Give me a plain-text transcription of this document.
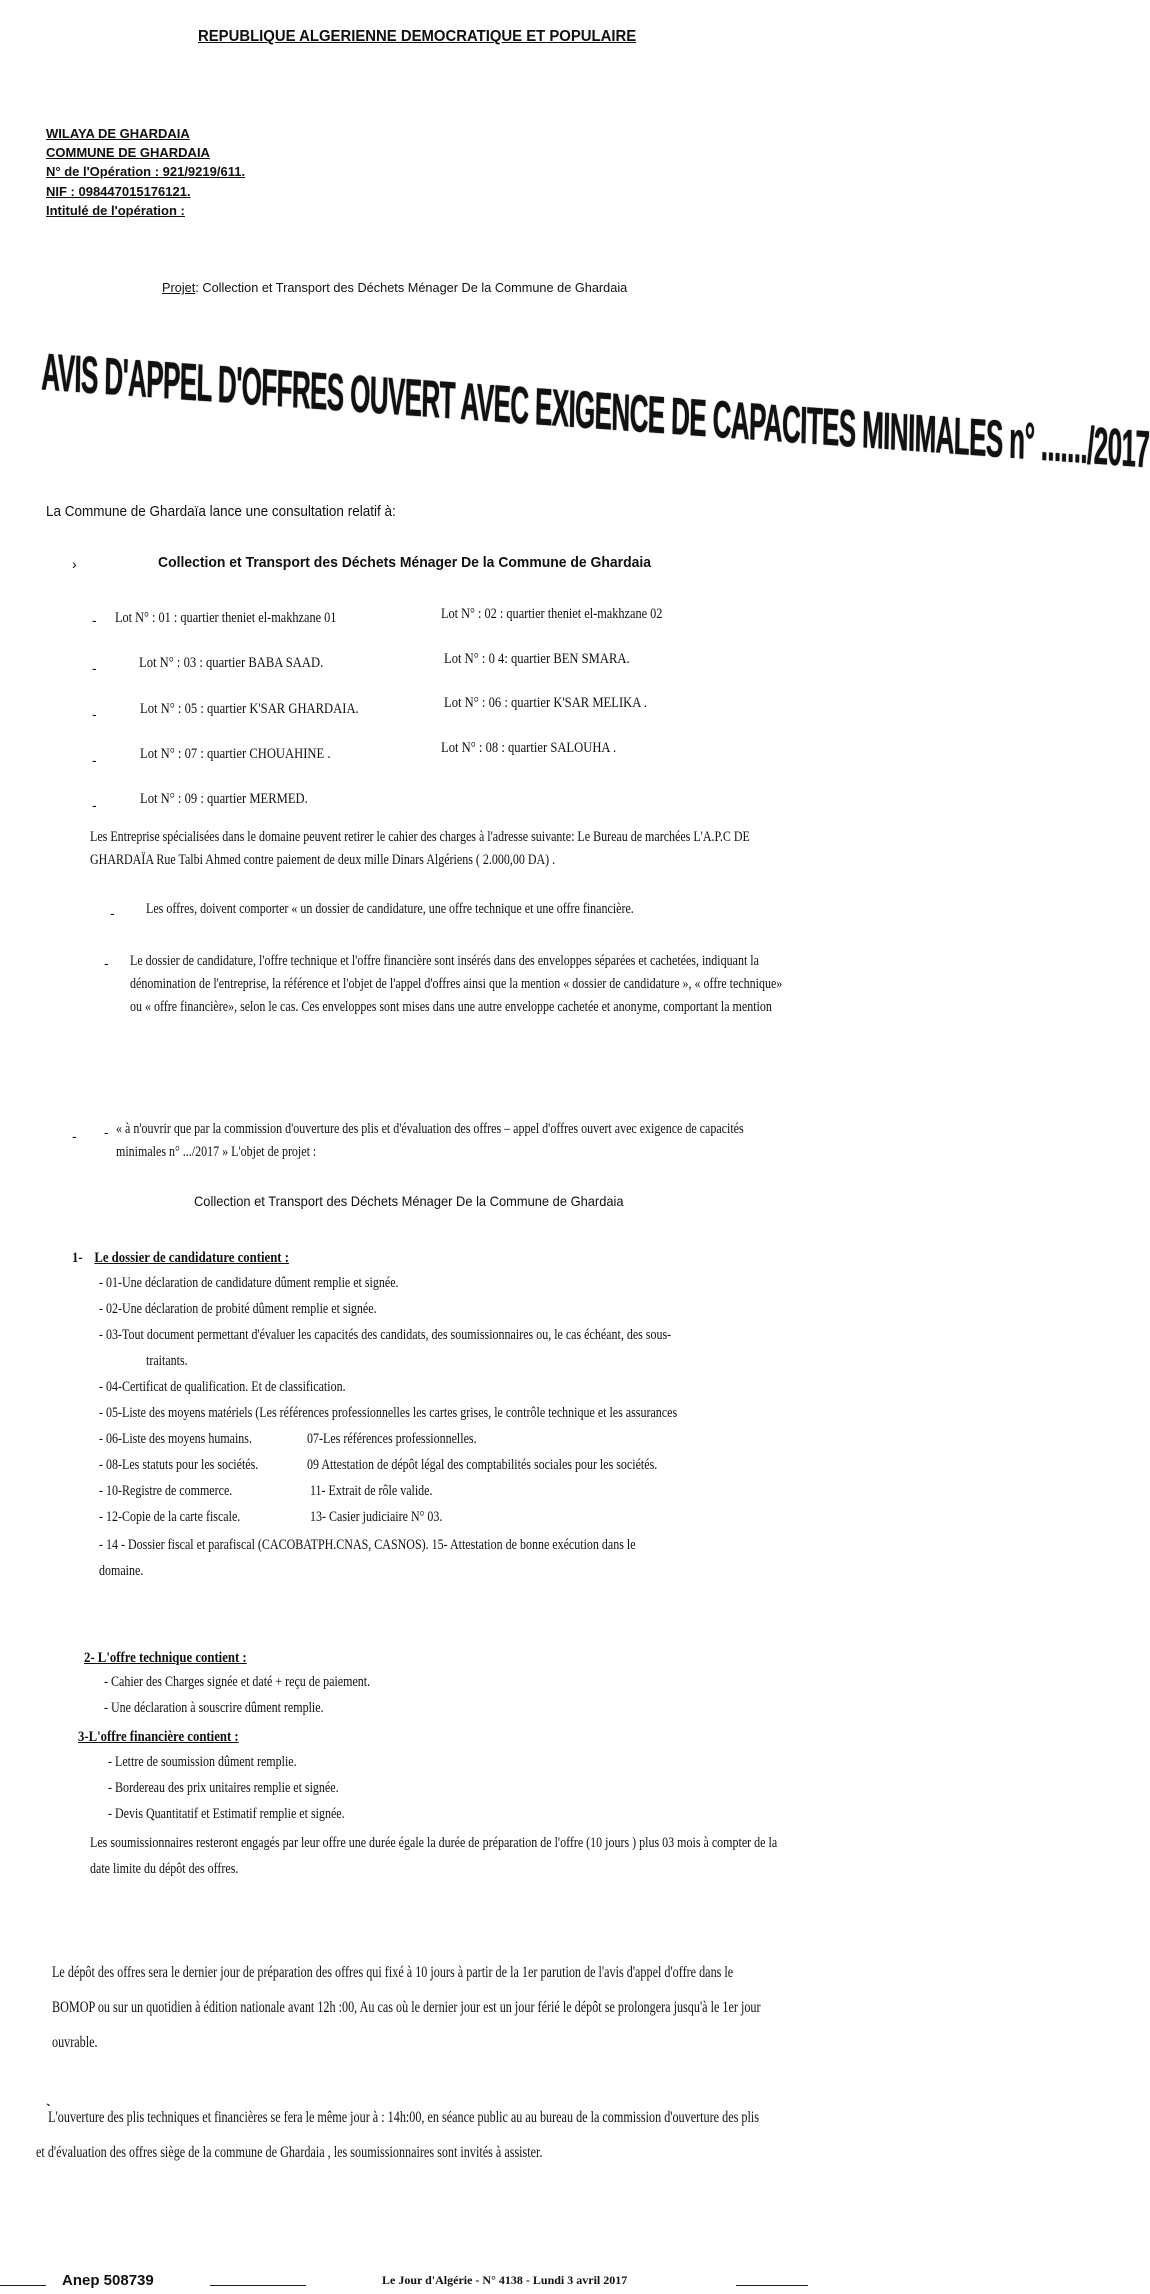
REPUBLIQUE ALGERIENNE DEMOCRATIQUE ET POPULAIRE
WILAYA DE GHARDAIA
COMMUNE DE GHARDAIA
N° de l'Opération : 921/9219/611.
NIF : 098447015176121.
Intitulé de l'opération :
Projet: Collection et Transport des Déchets Ménager De la Commune de Ghardaia
AVIS D'APPEL D'OFFRES OUVERT AVEC EXIGENCE DE CAPACITES MINIMALES n° ......./2017
La Commune de Ghardaïa lance une consultation relatif à:
›	Collection et Transport des Déchets Ménager De la Commune de Ghardaia
- Lot N° : 01 : quartier theniet el-makhzane 01	Lot N° : 02 : quartier theniet el-makhzane 02
-	Lot N° : 03 : quartier BABA SAAD.	Lot N° : 0 4: quartier BEN SMARA.
-	Lot N° : 05 : quartier K'SAR GHARDAIA.	Lot N° : 06 : quartier K'SAR MELIKA .
-	Lot N° : 07 : quartier CHOUAHINE .	Lot N° : 08 : quartier SALOUHA .
-	Lot N° : 09 : quartier MERMED.
Les Entreprise spécialisées dans le domaine peuvent retirer le cahier des charges à l'adresse suivante: Le Bureau de marchées L'A.P.C DE GHARDAÏA Rue Talbi Ahmed contre paiement de deux mille Dinars Algériens ( 2.000,00 DA) .
- Les offres, doivent comporter « un dossier de candidature, une offre technique et une offre financière.
- Le dossier de candidature, l'offre technique et l'offre financière sont insérés dans des enveloppes séparées et cachetées, indiquant la dénomination de l'entreprise, la référence et l'objet de l'appel d'offres ainsi que la mention « dossier de candidature », « offre technique» ou « offre financière», selon le cas. Ces enveloppes sont mises dans une autre enveloppe cachetée et anonyme, comportant la mention
- - « à n'ouvrir que par la commission d'ouverture des plis et d'évaluation des offres – appel d'offres ouvert avec exigence de capacités minimales n° .../2017 » L'objet de projet :
Collection et Transport des Déchets Ménager De la Commune de Ghardaia
1- Le dossier de candidature contient :
- 01-Une déclaration de candidature dûment remplie et signée.
- 02-Une déclaration de probité dûment remplie et signée.
- 03-Tout document permettant d'évaluer les capacités des candidats, des soumissionnaires ou, le cas échéant, des sous-
traitants.
- 04-Certificat de qualification. Et de classification.
- 05-Liste des moyens matériels (Les références professionnelles les cartes grises, le contrôle technique et les assurances
- 06-Liste des moyens humains.	07-Les références professionnelles.
- 08-Les statuts pour les sociétés.	09 Attestation de dépôt légal des comptabilités sociales pour les sociétés.
- 10-Registre de commerce.	11- Extrait de rôle valide.
- 12-Copie de la carte fiscale.	13- Casier judiciaire N° 03.
- 14 - Dossier fiscal et parafiscal (CACOBATPH.CNAS, CASNOS). 15- Attestation de bonne exécution dans le
domaine.
2- L'offre technique contient :
- Cahier des Charges signée et daté + reçu de paiement.
- Une déclaration à souscrire dûment remplie.
3-L'offre financière contient :
- Lettre de soumission dûment remplie.
- Bordereau des prix unitaires remplie et signée.
- Devis Quantitatif et Estimatif remplie et signée.
Les soumissionnaires resteront engagés par leur offre une durée égale la durée de préparation de l'offre (10 jours ) plus 03 mois à compter de la date limite du dépôt des offres.
Le dépôt des offres sera le dernier jour de préparation des offres qui fixé à 10 jours à partir de la 1er parution de l'avis d'appel d'offre dans le BOMOP ou sur un quotidien à édition nationale avant 12h :00, Au cas où le dernier jour est un jour férié le dépôt se prolongera jusqu'à le 1er jour ouvrable.
`
L'ouverture des plis techniques et financières se fera le même jour à : 14h:00, en séance public au au bureau de la commission d'ouverture des plis et d'évaluation des offres siège de la commune de Ghardaia , les soumissionnaires sont invités à assister.
Anep 508739	Le Jour d'Algérie - N° 4138 - Lundi 3 avril 2017
